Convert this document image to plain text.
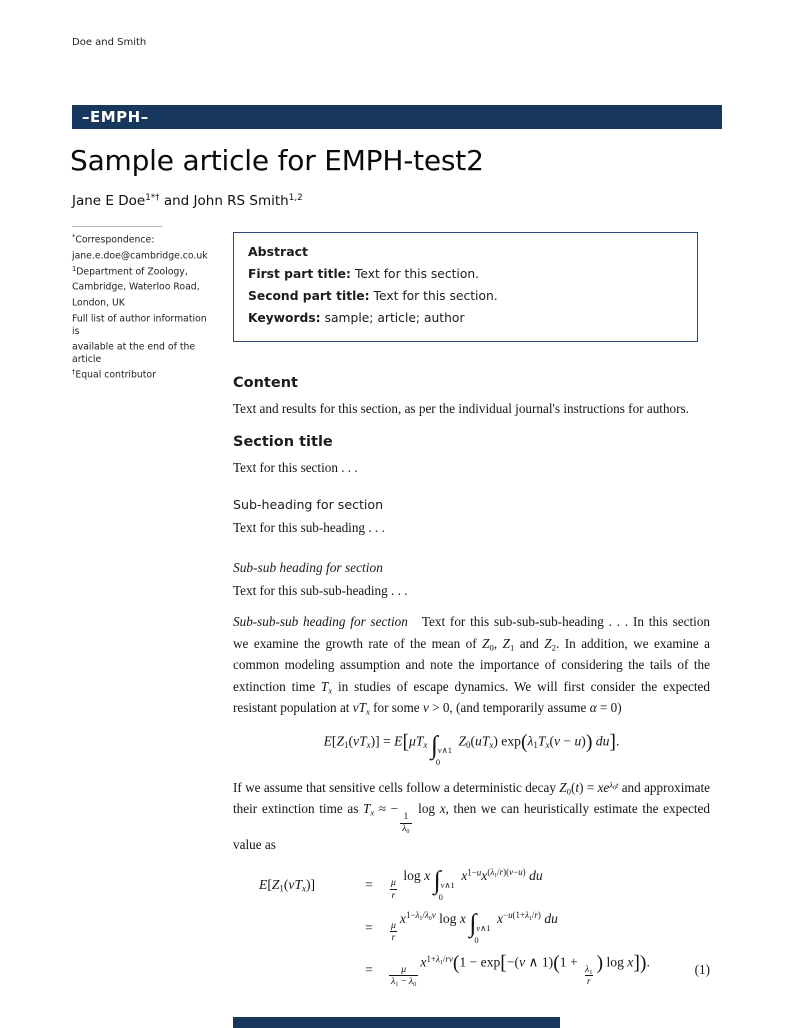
Doe and Smith
–EMPH–
Sample article for EMPH-test2
Jane E Doe$^{1*\dagger}$ and John RS Smith$^{1,2}$
*Correspondence:
jane.e.doe@cambridge.co.uk
$^1$Department of Zoology,
Cambridge, Waterloo Road,
London, UK
Full list of author information is
available at the end of the article
†Equal contributor
Abstract
First part title: Text for this section.
Second part title: Text for this section.
Keywords: sample; article; author
Content

Text and results for this section, as per the individual journal's instructions for authors.

Section title

Text for this section . . .

Sub-heading for section

Text for this sub-heading . . .

Sub-sub heading for section

Text for this sub-sub-heading . . .

Sub-sub-sub heading for section Text for this sub-sub-sub-heading . . . In this section we examine the growth rate of the mean of $Z_0$, $Z_1$ and $Z_2$. In addition, we examine a common modeling assumption and note the importance of considering the tails of the extinction time $T_x$ in studies of escape dynamics. We will first consider the expected resistant population at $vT_x$ for some v > 0, (and temporarily assume α = 0)

$E[Z_1(vT_x)] = E[\mu T_x$ ∫
0
v∧1
$Z_0(uT_x) \exp(\lambda_1T_x(v - u))$ du].

If we assume that sensitive cells follow a deterministic decay $Z_0(t) = xe^{\lambda_0t}$ and approximate their extinction time as $T_x$ ≈ −
$\frac{1}{\lambda_0}$
log x, then we can heuristically estimate the expected value as

$E[Z_1(vT_x)]$	=	$\frac{\mu}{r}$
log x ∫
0
v∧1
$x^{1-u}x^{(\lambda_1/r)(v-u)}$ du
=	$\frac{\mu}{r}$
$x^{1-\lambda_1/\lambda_0v}$ log x ∫
0
v∧1
$x^{-u(1+\lambda_1/r)}$ du
=	$\frac{\mu}{\lambda_1 - \lambda_0}$
$x^{1+\lambda_1/rv}(1 - \exp[-(v$ ∧ 1)(1 +
$\frac{\lambda_1}{r}$
) log x]).
(1)
